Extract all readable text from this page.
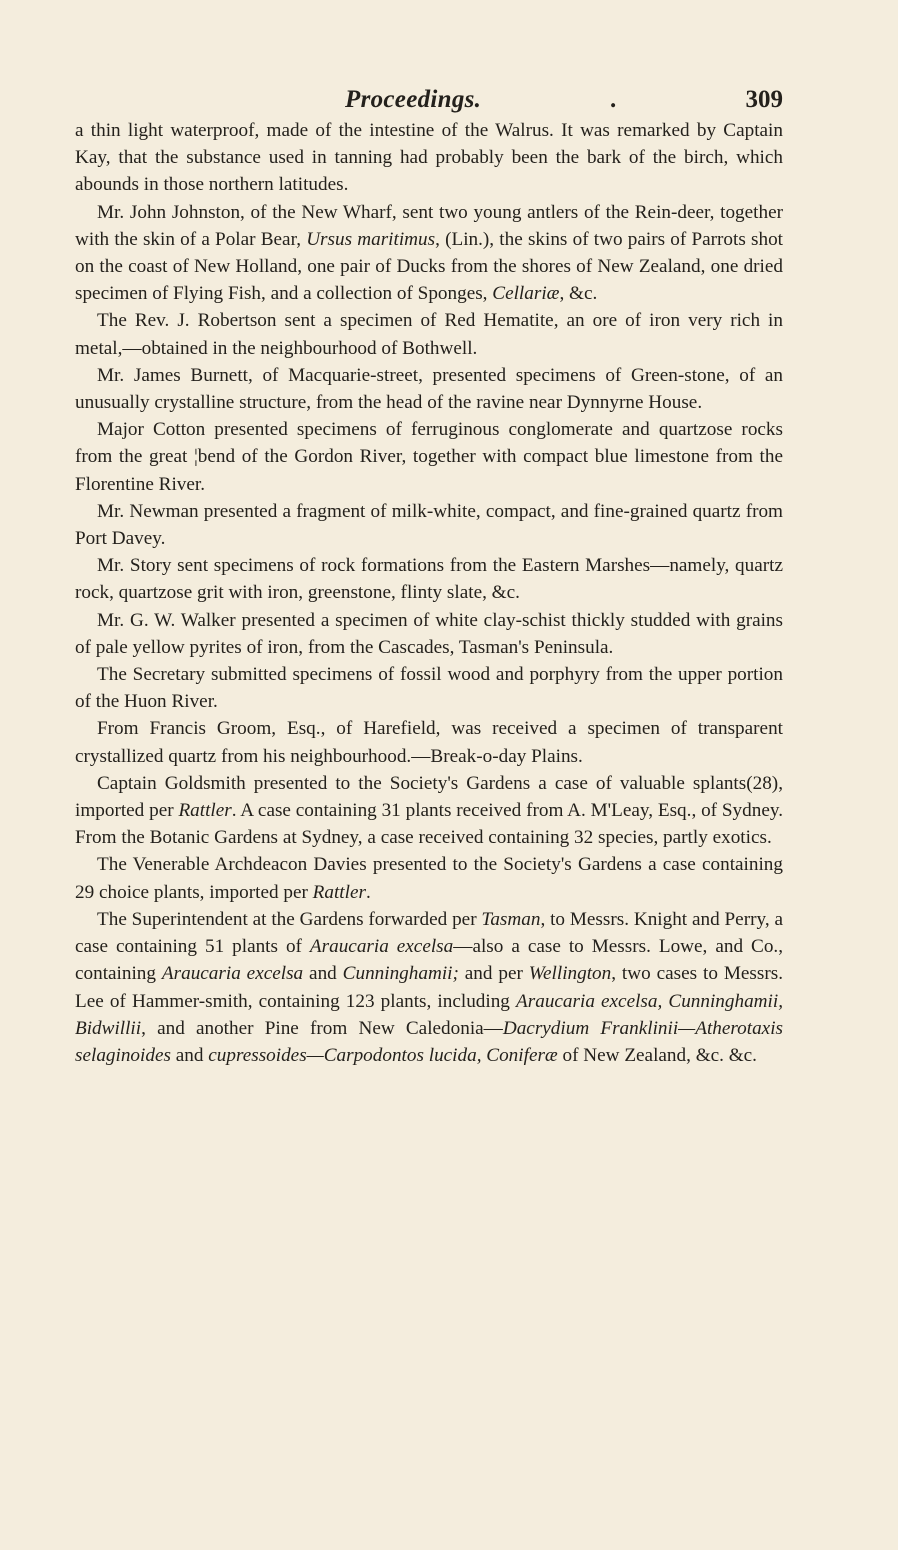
Proceedings.	.	309

a thin light waterproof, made of the intestine of the Walrus. It was remarked by Captain Kay, that the substance used in tanning had probably been the bark of the birch, which abounds in those northern latitudes.

Mr. John Johnston, of the New Wharf, sent two young antlers of the Rein-deer, together with the skin of a Polar Bear, Ursus maritimus, (Lin.), the skins of two pairs of Parrots shot on the coast of New Holland, one pair of Ducks from the shores of New Zealand, one dried specimen of Flying Fish, and a collection of Sponges, Cellariæ, &c.

The Rev. J. Robertson sent a specimen of Red Hematite, an ore of iron very rich in metal,—obtained in the neighbourhood of Bothwell.

Mr. James Burnett, of Macquarie-street, presented specimens of Green-stone, of an unusually crystalline structure, from the head of the ravine near Dynnyrne House.

Major Cotton presented specimens of ferruginous conglomerate and quartzose rocks from the great ¦bend of the Gordon River, together with compact blue limestone from the Florentine River.

Mr. Newman presented a fragment of milk-white, compact, and fine-grained quartz from Port Davey.

Mr. Story sent specimens of rock formations from the Eastern Marshes—namely, quartz rock, quartzose grit with iron, greenstone, flinty slate, &c.

Mr. G. W. Walker presented a specimen of white clay-schist thickly studded with grains of pale yellow pyrites of iron, from the Cascades, Tasman's Peninsula.

The Secretary submitted specimens of fossil wood and porphyry from the upper portion of the Huon River.

From Francis Groom, Esq., of Harefield, was received a specimen of transparent crystallized quartz from his neighbourhood.—Break-o-day Plains.

Captain Goldsmith presented to the Society's Gardens a case of valuable splants(28), imported per Rattler. A case containing 31 plants received from A. M'Leay, Esq., of Sydney. From the Botanic Gardens at Sydney, a case received containing 32 species, partly exotics.

The Venerable Archdeacon Davies presented to the Society's Gardens a case containing 29 choice plants, imported per Rattler.

The Superintendent at the Gardens forwarded per Tasman, to Messrs. Knight and Perry, a case containing 51 plants of Araucaria excelsa—also a case to Messrs. Lowe, and Co., containing Araucaria excelsa and Cunninghamii; and per Wellington, two cases to Messrs. Lee of Hammer-smith, containing 123 plants, including Araucaria excelsa, Cunninghamii, Bidwillii, and another Pine from New Caledonia—Dacrydium Franklinii—Atherotaxis selaginoides and cupressoides—Carpodontos lucida, Coniferæ of New Zealand, &c. &c.
